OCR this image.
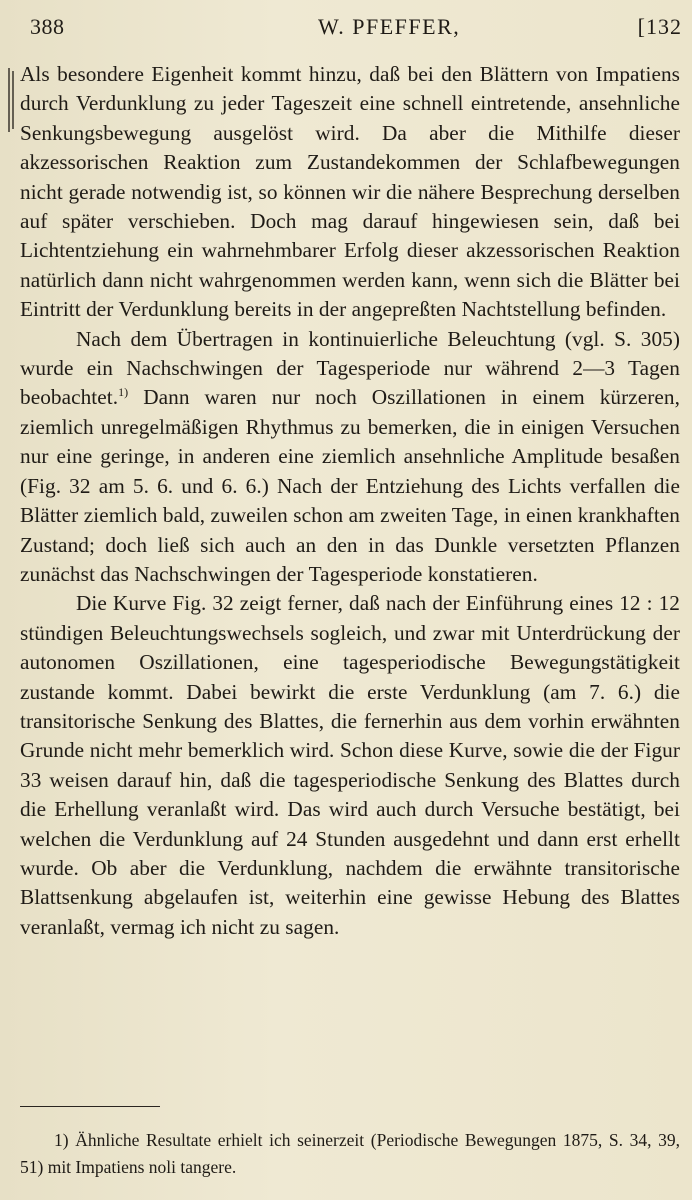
388	W. PFEFFER,	[132

Als besondere Eigenheit kommt hinzu, daß bei den Blättern von Impatiens durch Verdunklung zu jeder Tageszeit eine schnell eintretende, ansehnliche Senkungsbewegung ausgelöst wird. Da aber die Mithilfe dieser akzessorischen Reaktion zum Zustandekommen der Schlafbewegungen nicht gerade notwendig ist, so können wir die nähere Besprechung derselben auf später verschieben. Doch mag darauf hingewiesen sein, daß bei Lichtentziehung ein wahrnehmbarer Erfolg dieser akzessorischen Reaktion natürlich dann nicht wahrgenommen werden kann, wenn sich die Blätter bei Eintritt der Verdunklung bereits in der angepreßten Nachtstellung befinden.

Nach dem Übertragen in kontinuierliche Beleuchtung (vgl. S. 305) wurde ein Nachschwingen der Tagesperiode nur während 2—3 Tagen beobachtet.$^{1)}$ Dann waren nur noch Oszillationen in einem kürzeren, ziemlich unregelmäßigen Rhythmus zu bemerken, die in einigen Versuchen nur eine geringe, in anderen eine ziemlich ansehnliche Amplitude besaßen (Fig. 32 am 5. 6. und 6. 6.) Nach der Entziehung des Lichts verfallen die Blätter ziemlich bald, zuweilen schon am zweiten Tage, in einen krankhaften Zustand; doch ließ sich auch an den in das Dunkle versetzten Pflanzen zunächst das Nachschwingen der Tagesperiode konstatieren.

Die Kurve Fig. 32 zeigt ferner, daß nach der Einführung eines 12 : 12 stündigen Beleuchtungswechsels sogleich, und zwar mit Unterdrückung der autonomen Oszillationen, eine tagesperiodische Bewegungstätigkeit zustande kommt. Dabei bewirkt die erste Verdunklung (am 7. 6.) die transitorische Senkung des Blattes, die fernerhin aus dem vorhin erwähnten Grunde nicht mehr bemerklich wird. Schon diese Kurve, sowie die der Figur 33 weisen darauf hin, daß die tagesperiodische Senkung des Blattes durch die Erhellung veranlaßt wird. Das wird auch durch Versuche bestätigt, bei welchen die Verdunklung auf 24 Stunden ausgedehnt und dann erst erhellt wurde. Ob aber die Verdunklung, nachdem die erwähnte transitorische Blattsenkung abgelaufen ist, weiterhin eine gewisse Hebung des Blattes veranlaßt, vermag ich nicht zu sagen.

1) Ähnliche Resultate erhielt ich seinerzeit (Periodische Bewegungen 1875, S. 34, 39, 51) mit Impatiens noli tangere.
